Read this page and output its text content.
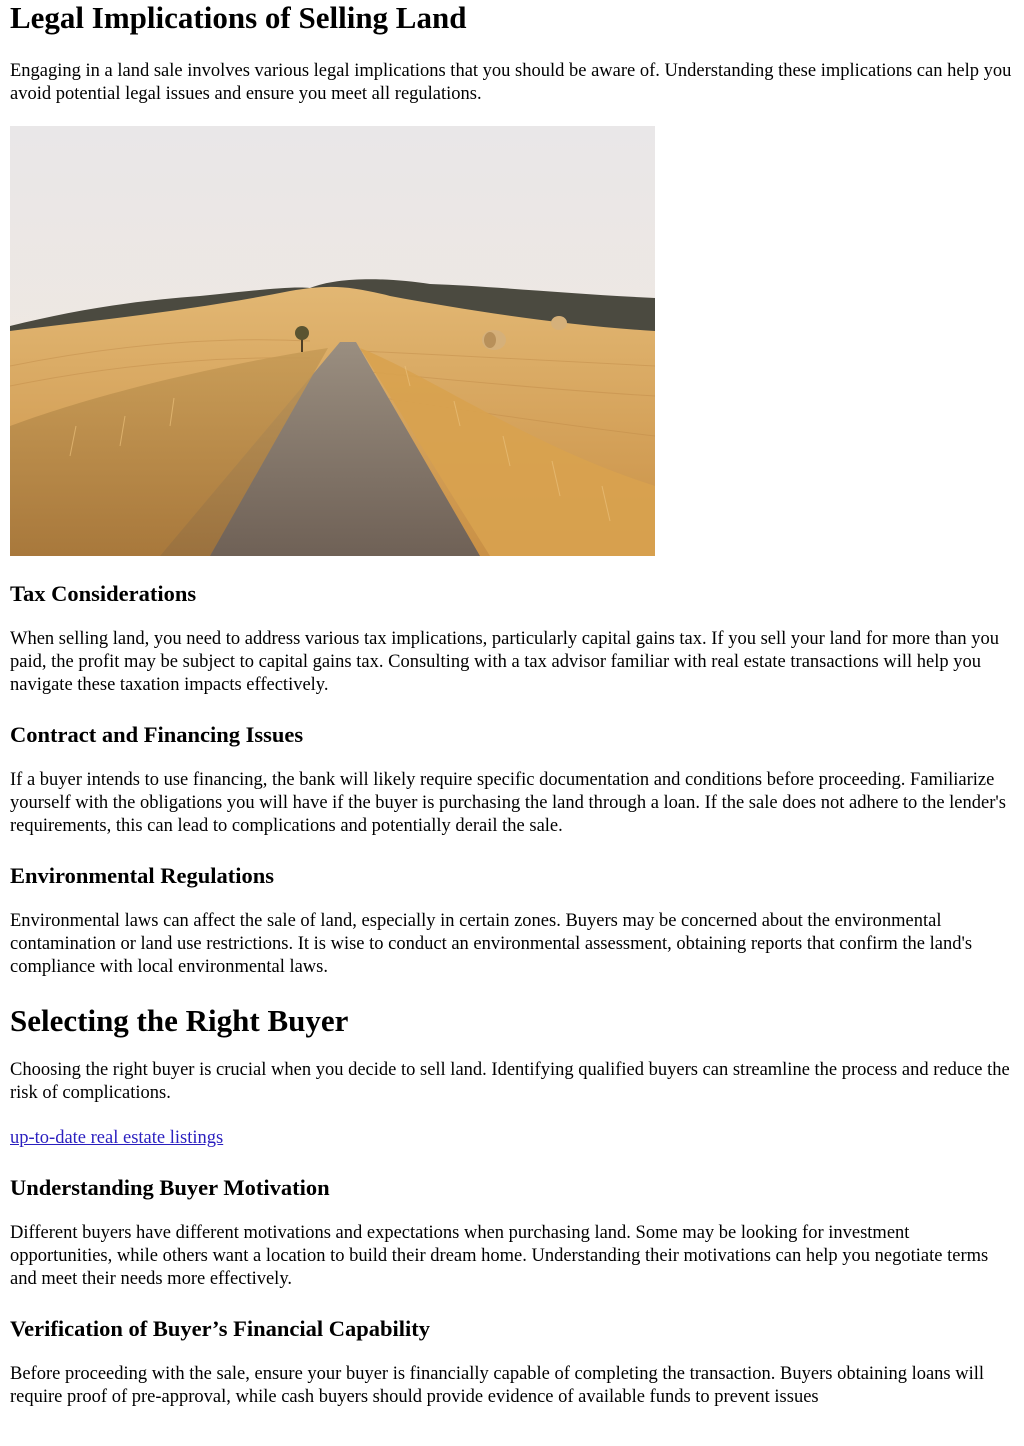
Legal Implications of Selling Land

Engaging in a land sale involves various legal implications that you should be aware of. Understanding these implications can help you avoid potential legal issues and ensure you meet all regulations.

Tax Considerations

When selling land, you need to address various tax implications, particularly capital gains tax. If you sell your land for more than you paid, the profit may be subject to capital gains tax. Consulting with a tax advisor familiar with real estate transactions will help you navigate these taxation impacts effectively.

Contract and Financing Issues

If a buyer intends to use financing, the bank will likely require specific documentation and conditions before proceeding. Familiarize yourself with the obligations you will have if the buyer is purchasing the land through a loan. If the sale does not adhere to the lender's requirements, this can lead to complications and potentially derail the sale.

Environmental Regulations

Environmental laws can affect the sale of land, especially in certain zones. Buyers may be concerned about the environmental contamination or land use restrictions. It is wise to conduct an environmental assessment, obtaining reports that confirm the land's compliance with local environmental laws.

Selecting the Right Buyer

Choosing the right buyer is crucial when you decide to sell land. Identifying qualified buyers can streamline the process and reduce the risk of complications.

up-to-date real estate listings

Understanding Buyer Motivation

Different buyers have different motivations and expectations when purchasing land. Some may be looking for investment opportunities, while others want a location to build their dream home. Understanding their motivations can help you negotiate terms and meet their needs more effectively.

Verification of Buyer’s Financial Capability

Before proceeding with the sale, ensure your buyer is financially capable of completing the transaction. Buyers obtaining loans will require proof of pre-approval, while cash buyers should provide evidence of available funds to prevent issues
